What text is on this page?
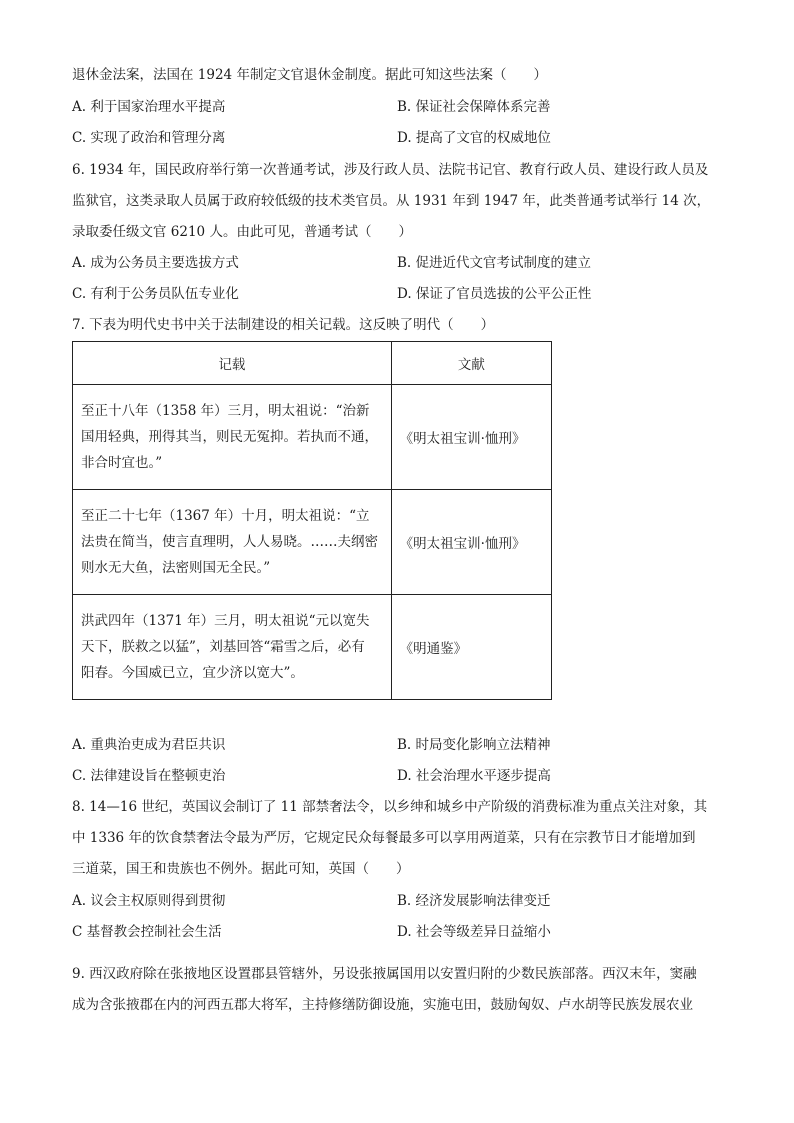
退休金法案，法国在 1924 年制定文官退休金制度。据此可知这些法案（　　）
A. 利于国家治理水平提高	B. 保证社会保障体系完善
C. 实现了政治和管理分离	D. 提高了文官的权威地位
6. 1934 年，国民政府举行第一次普通考试，涉及行政人员、法院书记官、教育行政人员、建设行政人员及
监狱官，这类录取人员属于政府较低级的技术类官员。从 1931 年到 1947 年，此类普通考试举行 14 次，
录取委任级文官 6210 人。由此可见，普通考试（　　）
A. 成为公务员主要选拔方式	B. 促进近代文官考试制度的建立
C. 有利于公务员队伍专业化	D. 保证了官员选拔的公平公正性
7. 下表为明代史书中关于法制建设的相关记载。这反映了明代（　　）
记载	文献

至正十八年（1358 年）三月，明太祖说：“治新
国用轻典，刑得其当，则民无冤抑。若执而不通，
非合时宜也。”	《明太祖宝训·恤刑》

至正二十七年（1367 年）十月，明太祖说：“立
法贵在简当，使言直理明，人人易晓。……夫纲密
则水无大鱼，法密则国无全民。”	《明太祖宝训·恤刑》

洪武四年（1371 年）三月，明太祖说“元以宽失
天下，朕救之以猛”，刘基回答“霜雪之后，必有
阳春。今国威已立，宜少济以宽大”。	《明通鉴》
A. 重典治吏成为君臣共识	B. 时局变化影响立法精神
C. 法律建设旨在整顿吏治	D. 社会治理水平逐步提高
8. 14—16 世纪，英国议会制订了 11 部禁奢法令，以乡绅和城乡中产阶级的消费标准为重点关注对象，其
中 1336 年的饮食禁奢法令最为严厉，它规定民众每餐最多可以享用两道菜，只有在宗教节日才能增加到
三道菜，国王和贵族也不例外。据此可知，英国（　　）
A. 议会主权原则得到贯彻	B. 经济发展影响法律变迁
C 基督教会控制社会生活	D. 社会等级差异日益缩小
9. 西汉政府除在张掖地区设置郡县管辖外，另设张掖属国用以安置归附的少数民族部落。西汉末年，窦融
成为含张掖郡在内的河西五郡大将军，主持修缮防御设施，实施屯田，鼓励匈奴、卢水胡等民族发展农业
